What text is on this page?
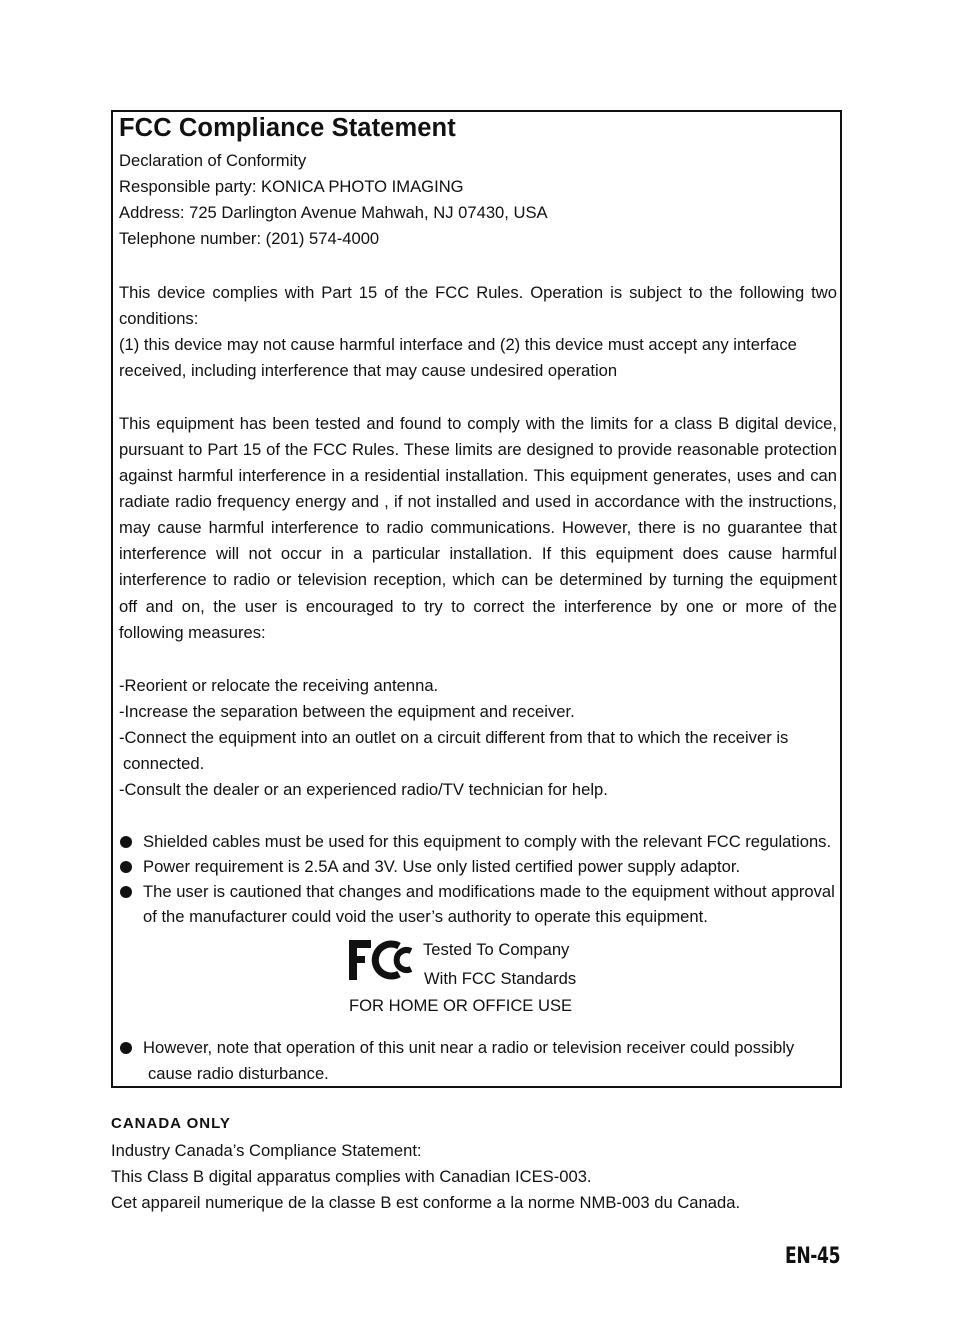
FCC Compliance Statement
Declaration of Conformity
Responsible party: KONICA PHOTO IMAGING
Address: 725 Darlington Avenue Mahwah, NJ 07430, USA
Telephone number: (201) 574-4000
This device complies with Part 15 of the FCC Rules. Operation is subject to the following two
conditions:
(1) this device may not cause harmful interface and (2) this device must accept any interface
received, including interference that may cause undesired operation
This equipment has been tested and found to comply with the limits for a class B digital device,
pursuant to Part 15 of the FCC Rules. These limits are designed to provide reasonable protection
against harmful interference in a residential installation. This equipment generates, uses and can
radiate radio frequency energy and , if not installed and used in accordance with the instructions,
may cause harmful interference to radio communications. However, there is no guarantee that
interference will not occur in a particular installation. If this equipment does cause harmful
interference to radio or television reception, which can be determined by turning the equipment
off and on, the user is encouraged to try to correct the interference by one or more of the
following measures:
-Reorient or relocate the receiving antenna.
-Increase the separation between the equipment and receiver.
-Connect the equipment into an outlet on a circuit different from that to which the receiver is
connected.
-Consult the dealer or an experienced radio/TV technician for help.
Shielded cables must be used for this equipment to comply with the relevant FCC regulations.
Power requirement is 2.5A and 3V. Use only listed certified power supply adaptor.
The user is cautioned that changes and modifications made to the equipment without approval
of the manufacturer could void the user’s authority to operate this equipment.
Tested To Company
With FCC Standards
FOR HOME OR OFFICE USE
However, note that operation of this unit near a radio or television receiver could possibly
cause radio disturbance.
CANADA ONLY
Industry Canada’s Compliance Statement:
This Class B digital apparatus complies with Canadian ICES-003.
Cet appareil numerique de la classe B est conforme a la norme NMB-003 du Canada.
EN-45
